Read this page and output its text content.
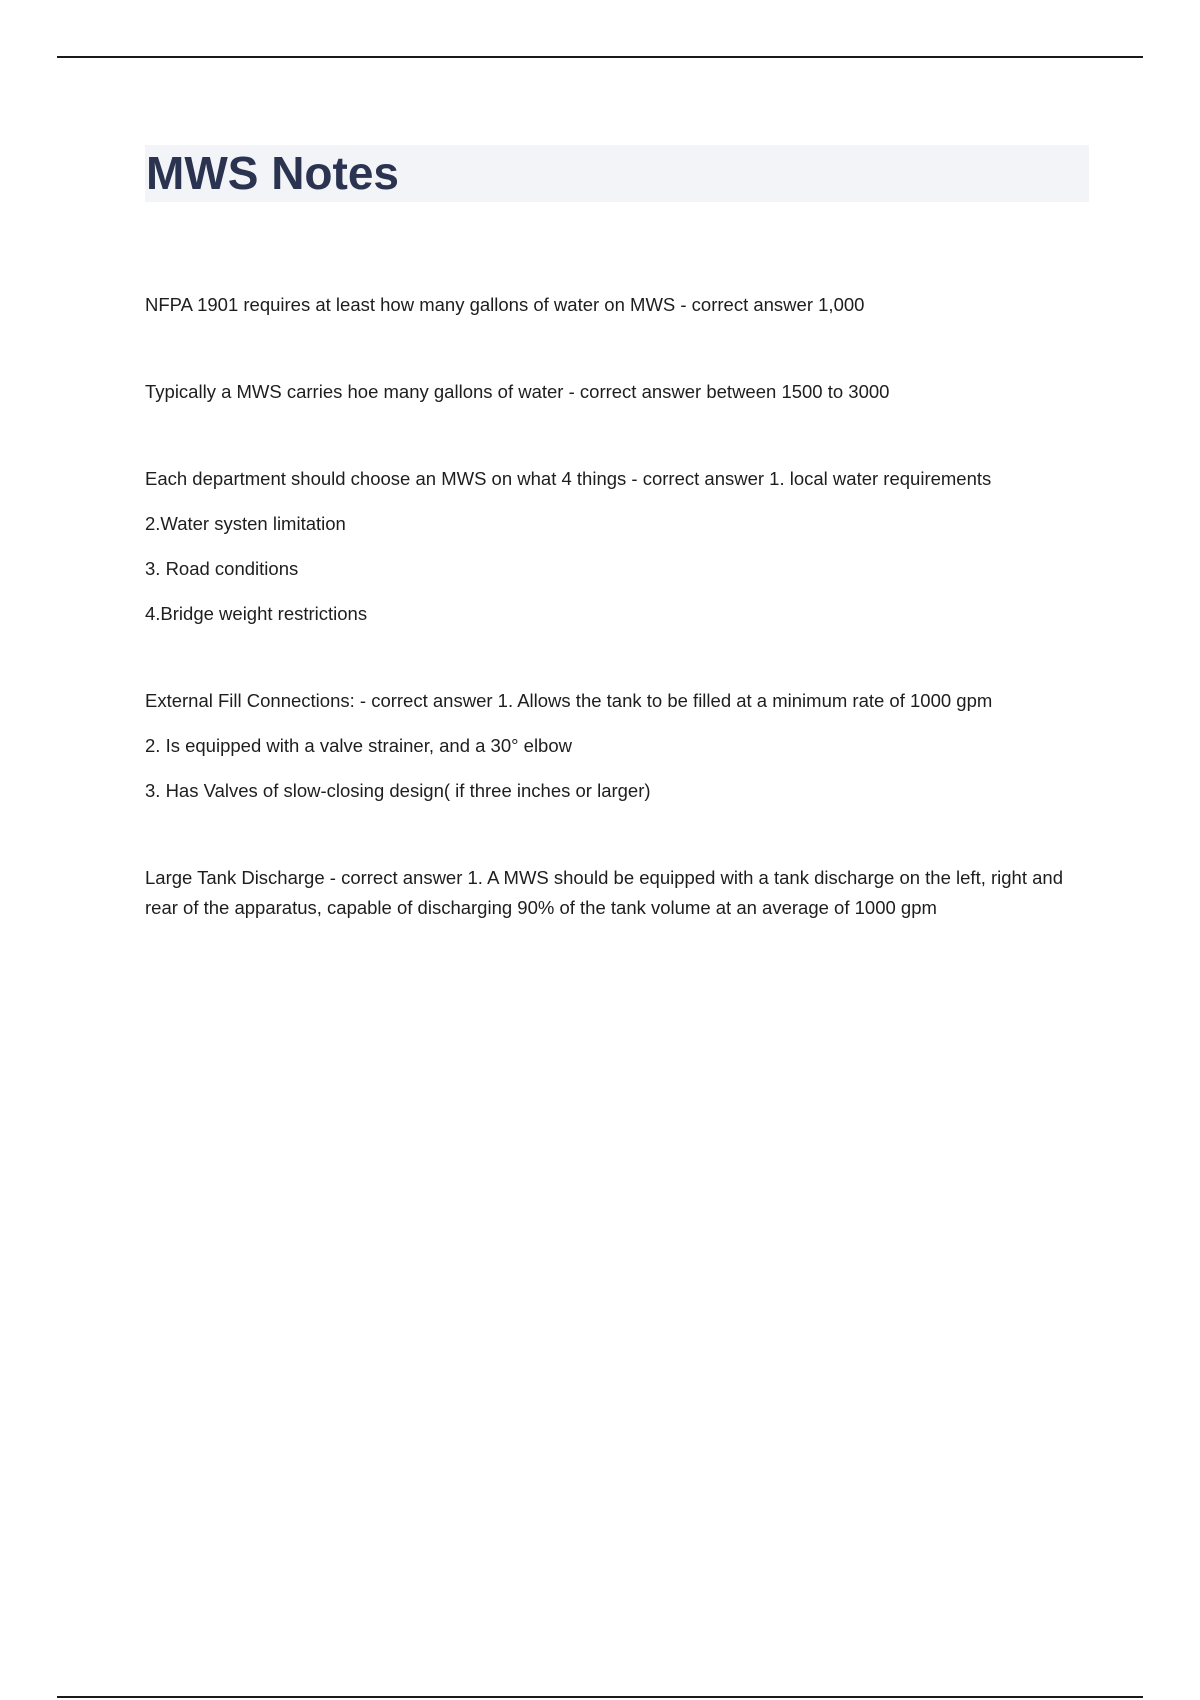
MWS Notes

NFPA 1901 requires at least how many gallons of water on MWS - correct answer 1,000

Typically a MWS carries hoe many gallons of water - correct answer between 1500 to 3000

Each department should choose an MWS on what 4 things - correct answer 1. local water requirements

2.Water systen limitation

3. Road conditions

4.Bridge weight restrictions

External Fill Connections: - correct answer 1. Allows the tank to be filled at a minimum rate of 1000 gpm

2. Is equipped with a valve strainer, and a 30° elbow

3. Has Valves of slow-closing design( if three inches or larger)

Large Tank Discharge - correct answer 1. A MWS should be equipped with a tank discharge on the left, right and rear of the apparatus, capable of discharging 90% of the tank volume at an average of 1000 gpm
